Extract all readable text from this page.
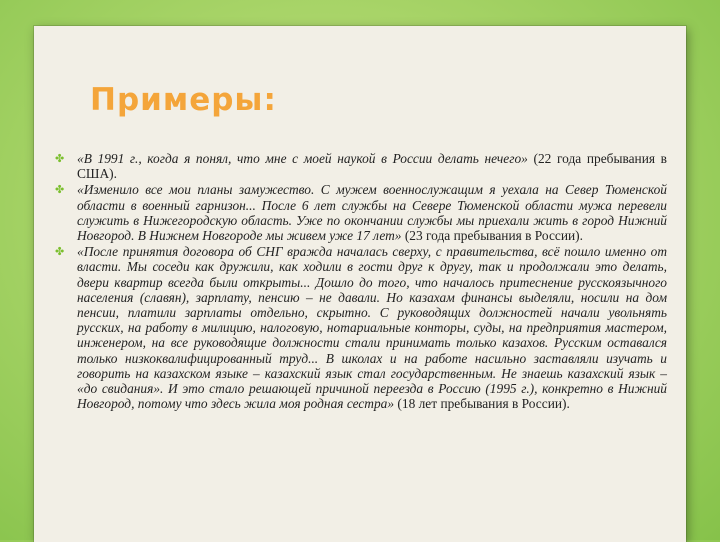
Примеры:
✤ «В 1991 г., когда я понял, что мне с моей наукой в России делать нечего» (22 года пребывания в США).
✤ «Изменило все мои планы замужество. С мужем военнослужащим я уехала на Север Тюменской области в военный гарнизон... После 6 лет службы на Севере Тюменской области мужа перевели служить в Нижегородскую область. Уже по окончании службы мы приехали жить в город Нижний Новгород. В Нижнем Новгороде мы живем уже 17 лет» (23 года пребывания в России).
✤ «После принятия договора об СНГ вражда началась сверху, с правительства, всё пошло именно от власти. Мы соседи как дружили, как ходили в гости друг к другу, так и продолжали это делать, двери квартир всегда были открыты... Дошло до того, что началось притеснение русскоязычного населения (славян), зарплату, пенсию – не давали. Но казахам финансы выделяли, носили на дом пенсии, платили зарплаты отдельно, скрытно. С руководящих должностей начали увольнять русских, на работу в милицию, налоговую, нотариальные конторы, суды, на предприятия мастером, инженером, на все руководящие должности стали принимать только казахов. Русским оставался только низкоквалифицированный труд... В школах и на работе насильно заставляли изучать и говорить на казахском языке – казахский язык стал государственным. Не знаешь казахский язык – «до свидания». И это стало решающей причиной переезда в Россию (1995 г.), конкретно в Нижний Новгород, потому что здесь жила моя родная сестра» (18 лет пребывания в России).
